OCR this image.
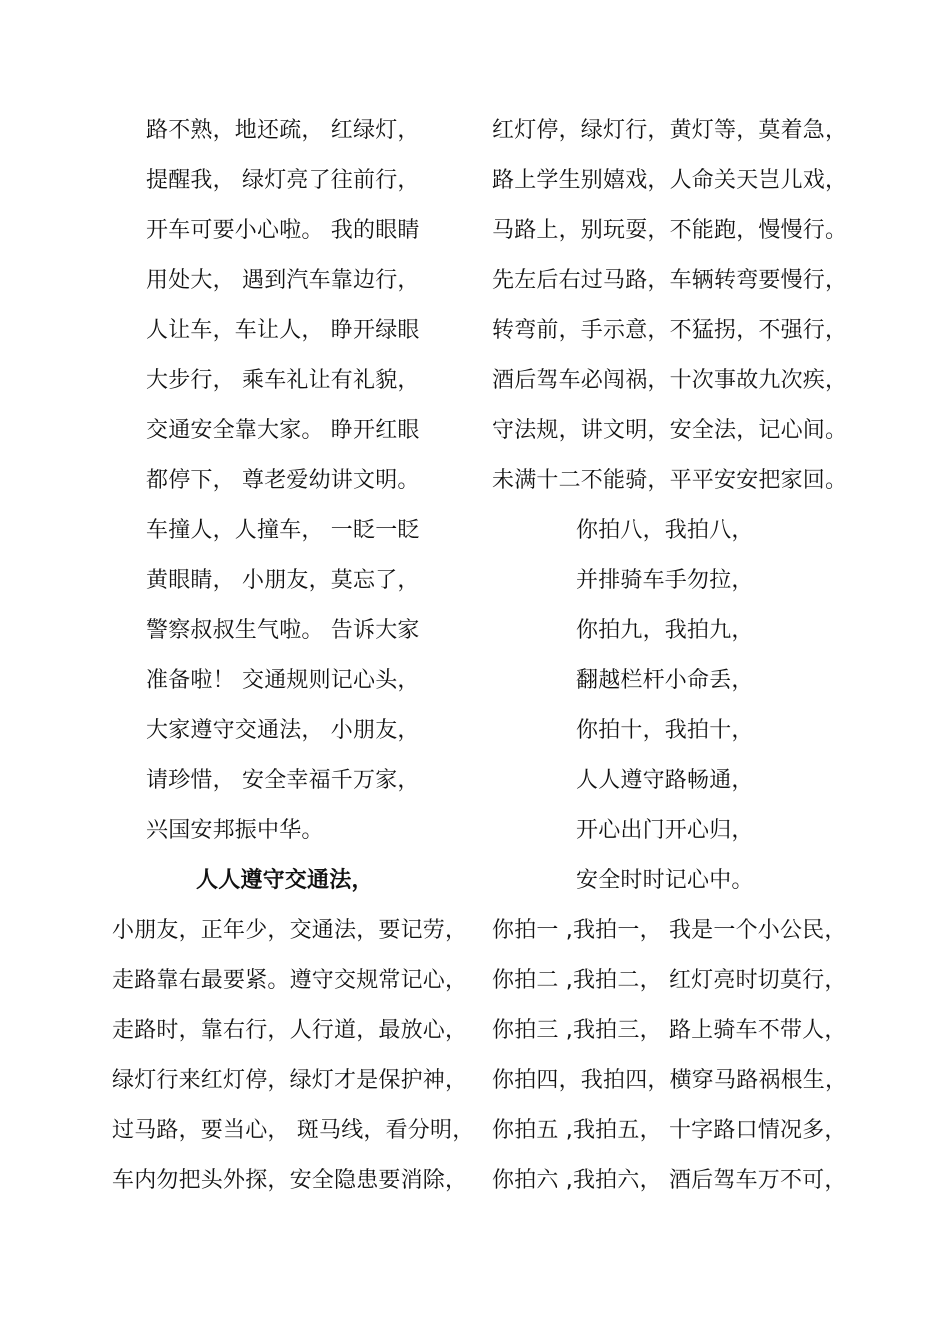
路不熟，地还疏， 红绿灯，
提醒我， 绿灯亮了往前行，
开车可要小心啦。 我的眼睛
用处大， 遇到汽车靠边行，
人让车，车让人， 睁开绿眼
大步行， 乘车礼让有礼貌，
交通安全靠大家。 睁开红眼
都停下， 尊老爱幼讲文明。
车撞人，人撞车， 一眨一眨
黄眼睛， 小朋友，莫忘了，
警察叔叔生气啦。 告诉大家
准备啦！ 交通规则记心头，
大家遵守交通法， 小朋友，
请珍惜， 安全幸福千万家，
兴国安邦振中华。
人人遵守交通法，
小朋友，正年少，交通法，要记劳，
走路靠右最要紧。遵守交规常记心，
走路时，靠右行，人行道，最放心，
绿灯行来红灯停，绿灯才是保护神，
过马路，要当心， 斑马线，看分明，
车内勿把头外探，安全隐患要消除，
红灯停，绿灯行，黄灯等，莫着急，
路上学生别嬉戏，人命关天岂儿戏，
马路上，别玩耍，不能跑，慢慢行。
先左后右过马路，车辆转弯要慢行，
转弯前，手示意，不猛拐，不强行，
酒后驾车必闯祸，十次事故九次疾，
守法规，讲文明，安全法，记心间。
未满十二不能骑，平平安安把家回。
你拍八，我拍八，
并排骑车手勿拉，
你拍九，我拍九，
翻越栏杆小命丢，
你拍十，我拍十，
人人遵守路畅通，
开心出门开心归，
安全时时记心中。
你拍一 ,我拍一， 我是一个小公民，
你拍二 ,我拍二， 红灯亮时切莫行，
你拍三 ,我拍三， 路上骑车不带人，
你拍四，我拍四，横穿马路祸根生，
你拍五 ,我拍五， 十字路口情况多，
你拍六 ,我拍六， 酒后驾车万不可，
